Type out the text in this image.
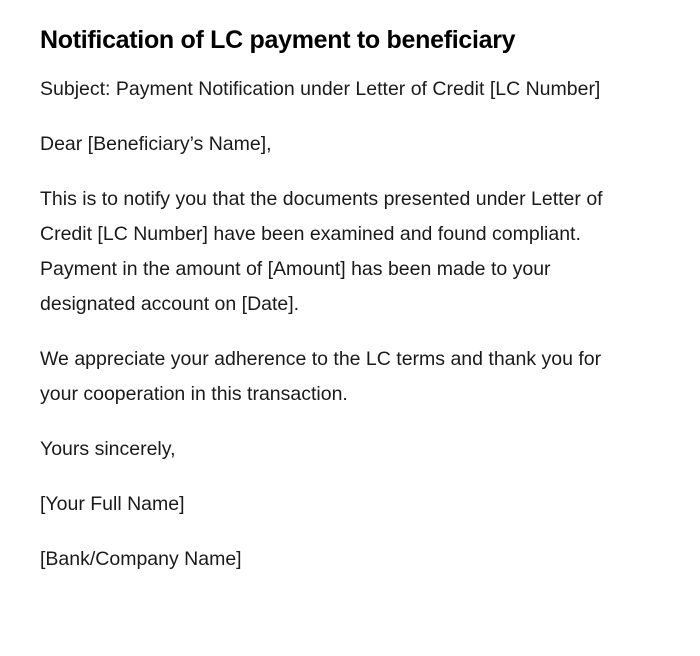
Notification of LC payment to beneficiary

Subject: Payment Notification under Letter of Credit [LC Number]

Dear [Beneficiary’s Name],

This is to notify you that the documents presented under Letter of Credit [LC Number] have been examined and found compliant. Payment in the amount of [Amount] has been made to your designated account on [Date].

We appreciate your adherence to the LC terms and thank you for your cooperation in this transaction.

Yours sincerely,

[Your Full Name]

[Bank/Company Name]
